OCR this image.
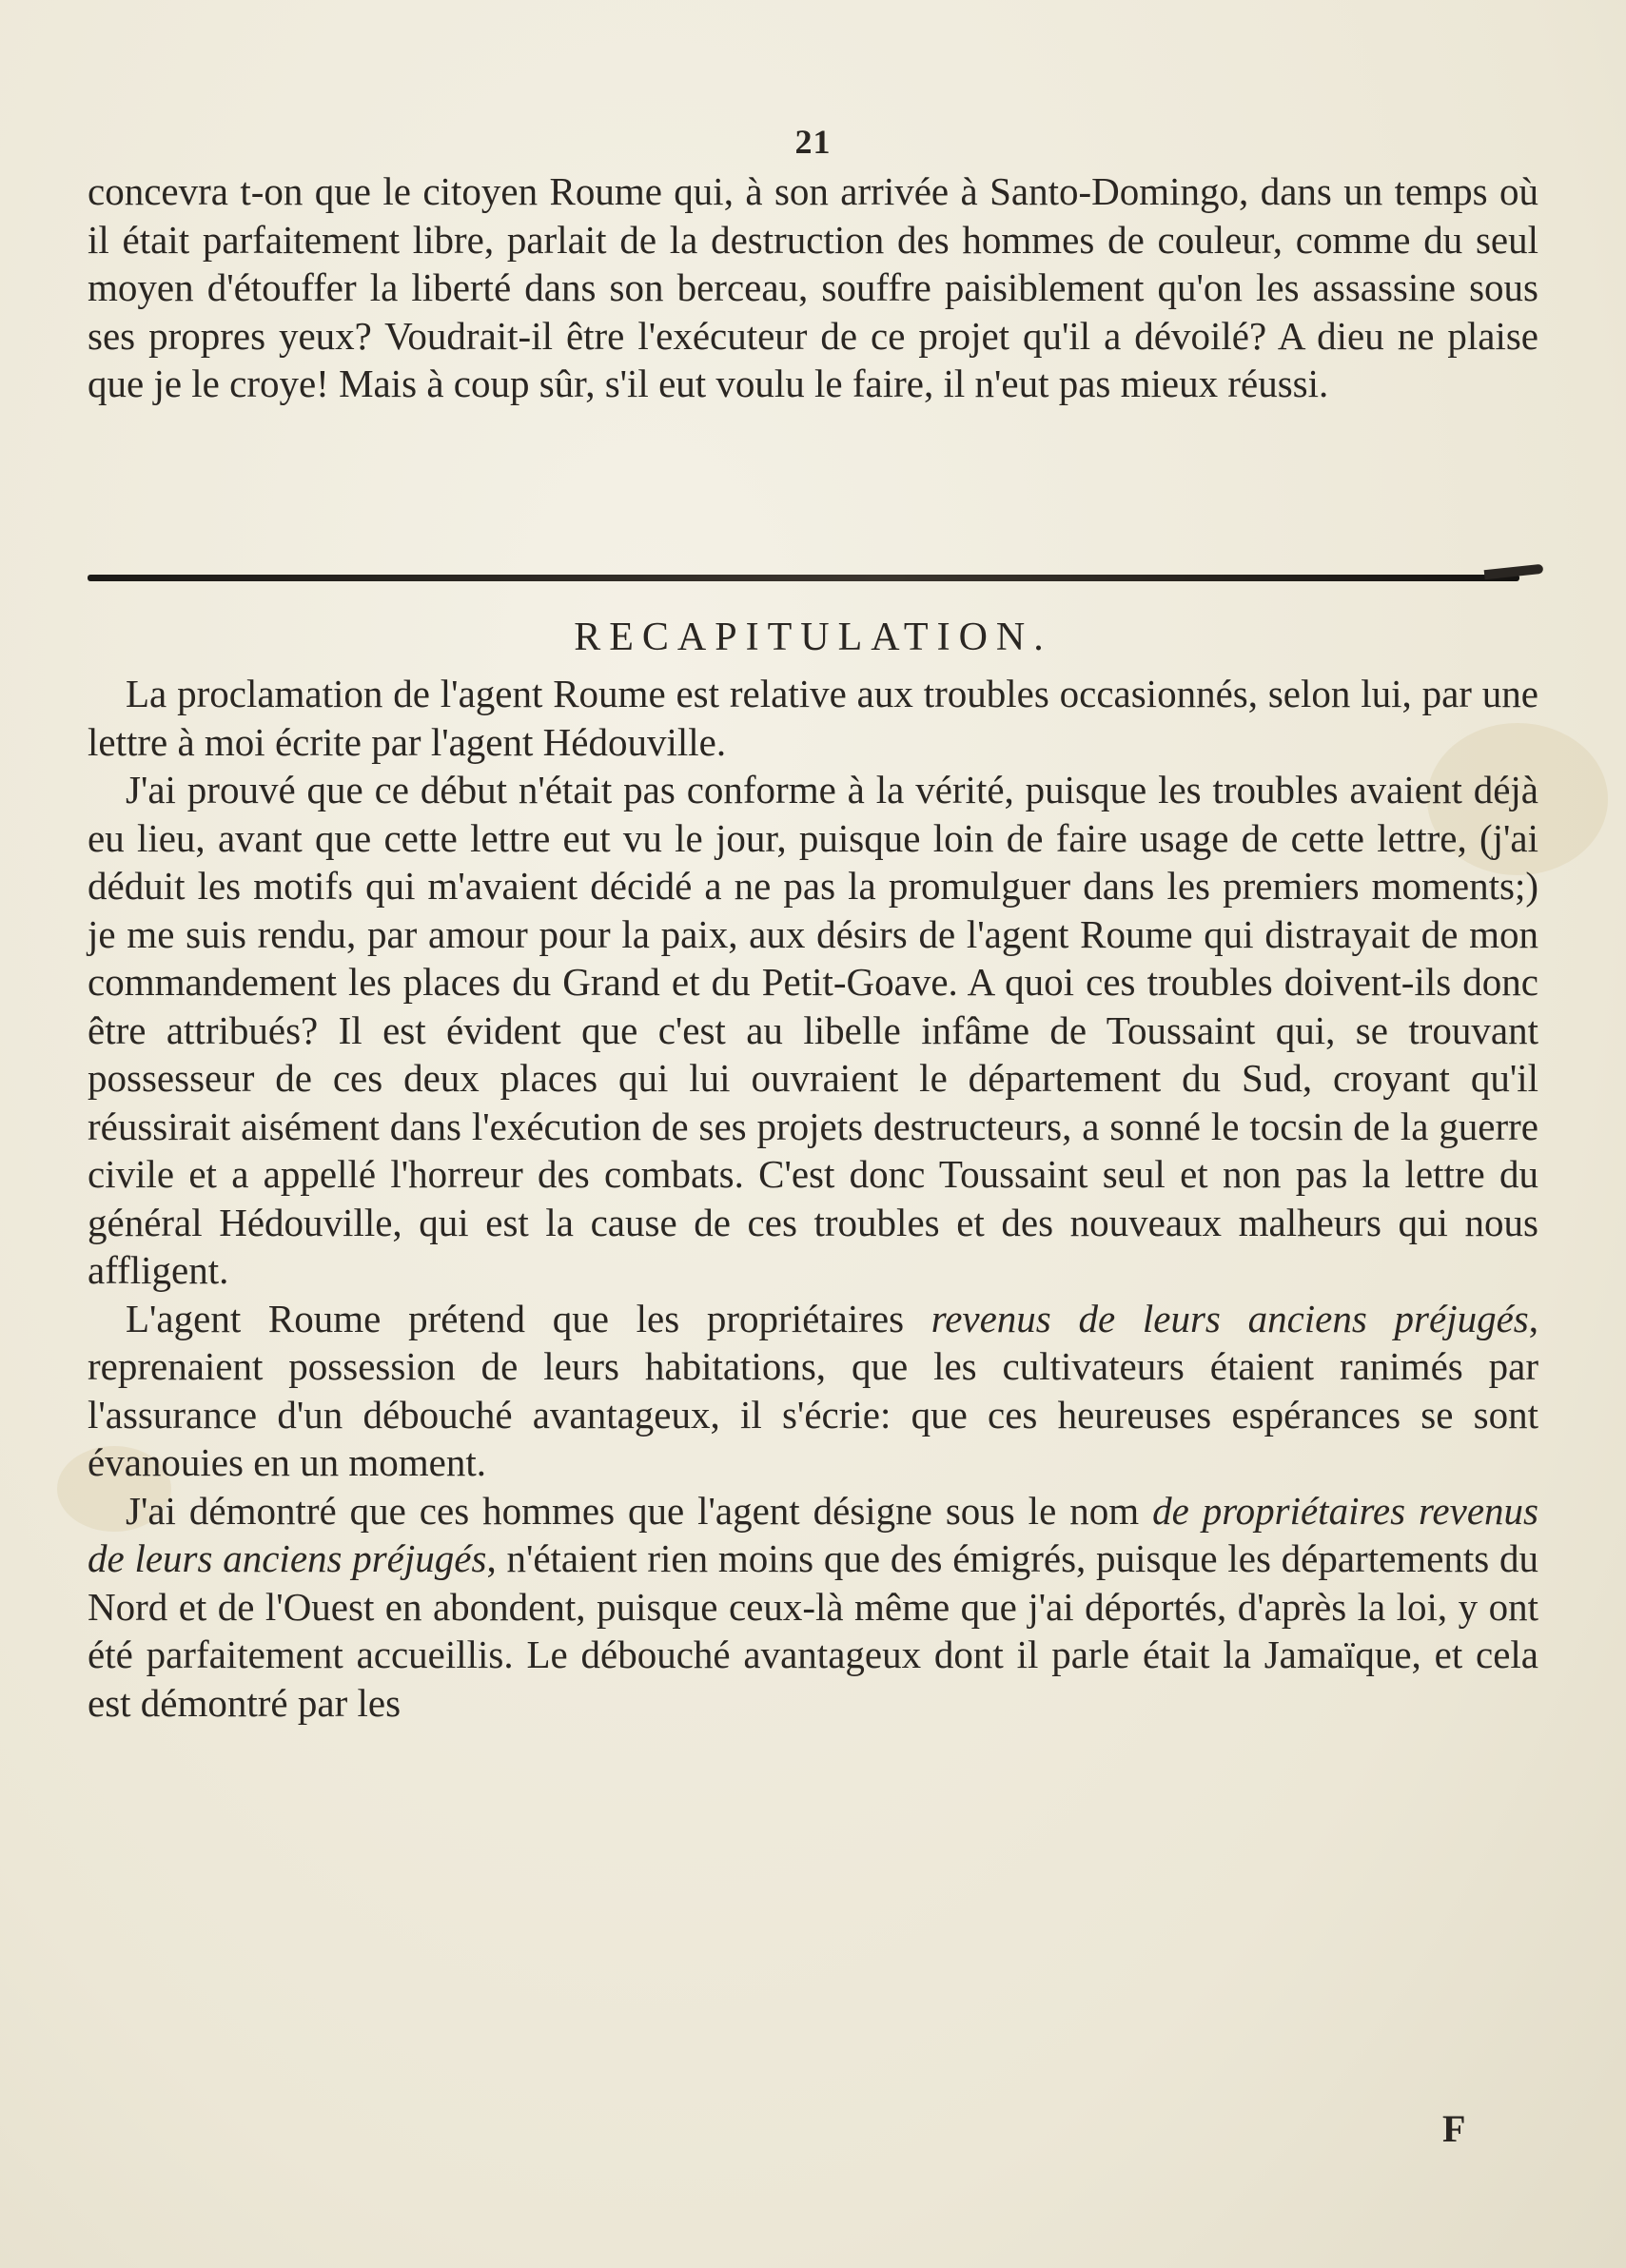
21

concevra t-on que le citoyen Roume qui, à son arrivée à Santo-Domingo, dans un temps où il était parfaitement libre, parlait de la destruction des hommes de couleur, comme du seul moyen d'étouffer la liberté dans son berceau, souffre paisiblement qu'on les assassine sous ses propres yeux? Voudrait-il être l'exécuteur de ce projet qu'il a dévoilé? A dieu ne plaise que je le croye! Mais à coup sûr, s'il eut voulu le faire, il n'eut pas mieux réussi.

RECAPITULATION.

La proclamation de l'agent Roume est relative aux troubles occasionnés, selon lui, par une lettre à moi écrite par l'agent Hédouville.

J'ai prouvé que ce début n'était pas conforme à la vérité, puisque les troubles avaient déjà eu lieu, avant que cette lettre eut vu le jour, puisque loin de faire usage de cette lettre, (j'ai déduit les motifs qui m'avaient décidé a ne pas la promulguer dans les premiers moments;) je me suis rendu, par amour pour la paix, aux désirs de l'agent Roume qui distrayait de mon commandement les places du Grand et du Petit-Goave. A quoi ces troubles doivent-ils donc être attribués? Il est évident que c'est au libelle infâme de Toussaint qui, se trouvant possesseur de ces deux places qui lui ouvraient le département du Sud, croyant qu'il réussirait aisément dans l'exécution de ses projets destructeurs, a sonné le tocsin de la guerre civile et a appellé l'horreur des combats. C'est donc Toussaint seul et non pas la lettre du général Hédouville, qui est la cause de ces troubles et des nouveaux malheurs qui nous affligent.

L'agent Roume prétend que les propriétaires revenus de leurs anciens préjugés, reprenaient possession de leurs habitations, que les cultivateurs étaient ranimés par l'assurance d'un débouché avantageux, il s'écrie: que ces heureuses espérances se sont évanouies en un moment.

J'ai démontré que ces hommes que l'agent désigne sous le nom de propriétaires revenus de leurs anciens préjugés, n'étaient rien moins que des émigrés, puisque les départements du Nord et de l'Ouest en abondent, puisque ceux-là même que j'ai déportés, d'après la loi, y ont été parfaitement accueillis. Le débouché avantageux dont il parle était la Jamaïque, et cela est démontré par les

F
